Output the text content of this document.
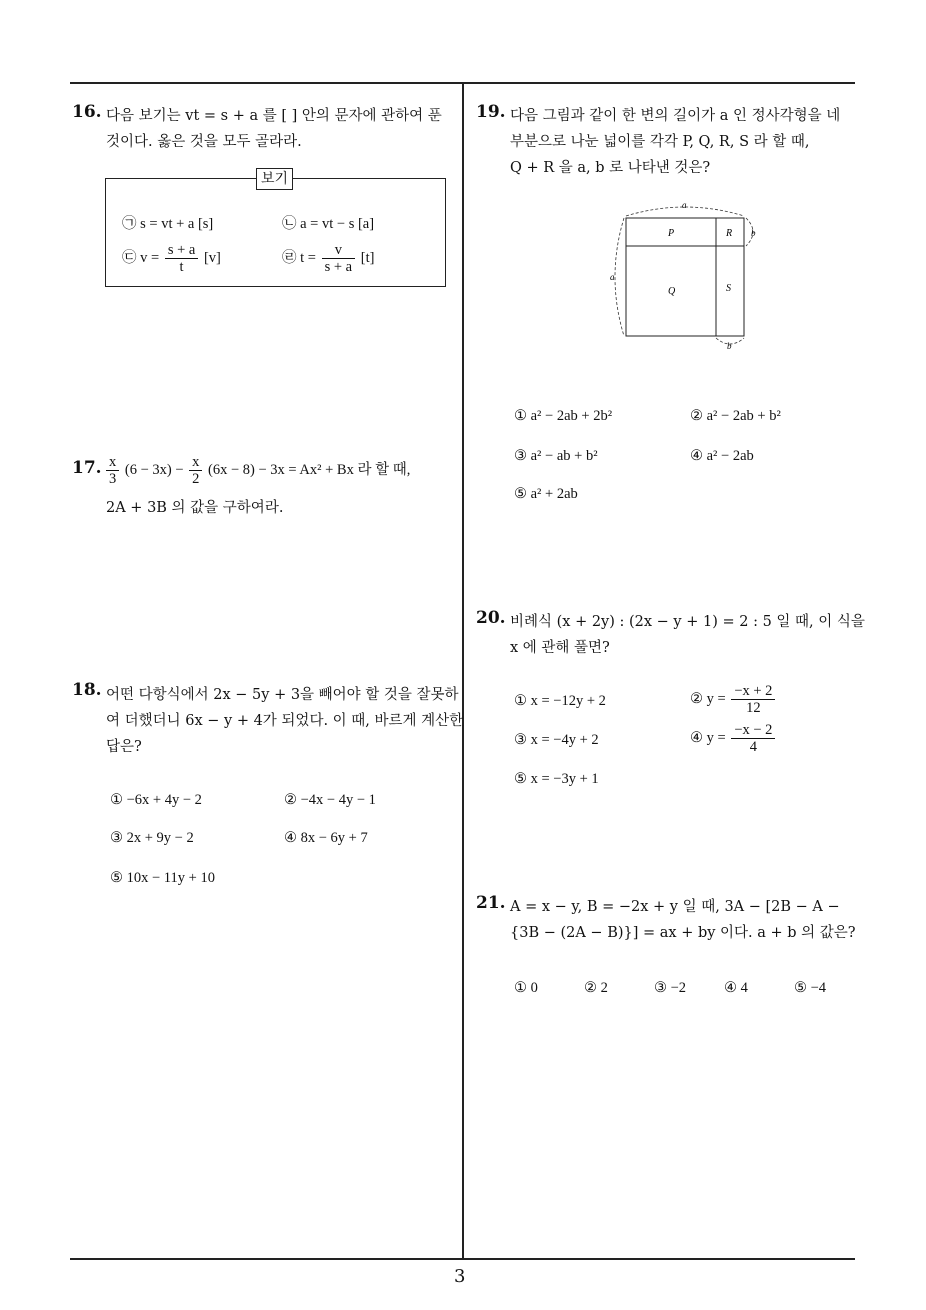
3
16. 다음 보기는 vt = s + a 를 [ ] 안의 문자에 관하여 푼
것이다. 옳은 것을 모두 골라라.
보기
㉠ s = vt + a [s]	㉡ a = vt − s [a]
㉢ $v = \frac{s + a}{t} [v]$	㉣ $t = \frac{v}{s + a} [t]$
17. $\frac{x}{3} (6 - 3x) - \frac{x}{2} (6x - 8) - 3x = Ax^2 + Bx$ 라 할 때,
2A + 3B 의 값을 구하여라.
18. 어떤 다항식에서 2x − 5y + 3을 빼어야 할 것을 잘못하
여 더했더니 6x − y + 4가 되었다. 이 때, 바르게 계산한
답은?
① −6x + 4y − 2	② −4x − 4y − 1
③ 2x + 9y − 2	④ 8x − 6y + 7
⑤ 10x − 11y + 10
19. 다음 그림과 같이 한 변의 길이가 a 인 정사각형을 네
부분으로 나눈 넓이를 각각 P, Q, R, S 라 할 때,
Q + R 을 a, b 로 나타낸 것은?
a
a
b
b
P	R
Q	S
① a² − 2ab + 2b²	② a² − 2ab + b²
③ a² − ab + b²	④ a² − 2ab
⑤ a² + 2ab
20. 비례식 (x + 2y) : (2x − y + 1) = 2 : 5 일 때, 이 식을
x 에 관해 풀면?
① x = −12y + 2	② $y = \frac{-x + 2}{12}$
③ x = −4y + 2	④ $y = \frac{-x - 2}{4}$
⑤ x = −3y + 1
21. A = x − y, B = −2x + y 일 때, 3A − [2B − A −
{3B − (2A − B)}] = ax + by 이다. a + b 의 값은?
① 0	② 2	③ −2	④ 4	⑤ −4
